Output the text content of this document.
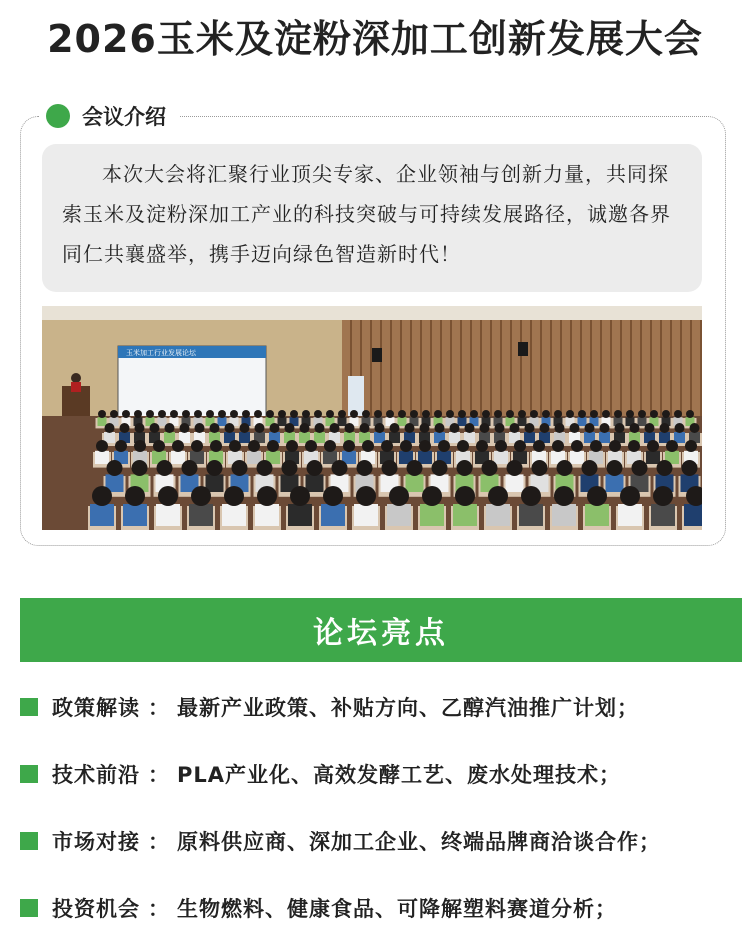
2026玉米及淀粉深加工创新发展大会
会议介绍
本次大会将汇聚行业顶尖专家、企业领袖与创新力量，共同探索玉米及淀粉深加工产业的科技突破与可持续发展路径，诚邀各界同仁共襄盛举，携手迈向绿色智造新时代！
玉米加工行业发展论坛
论坛亮点
政策解读 ： 最新产业政策、补贴方向、乙醇汽油推广计划；
技术前沿 ： PLA产业化、高效发酵工艺、废水处理技术；
市场对接 ： 原料供应商、深加工企业、终端品牌商洽谈合作；
投资机会 ： 生物燃料、健康食品、可降解塑料赛道分析；
